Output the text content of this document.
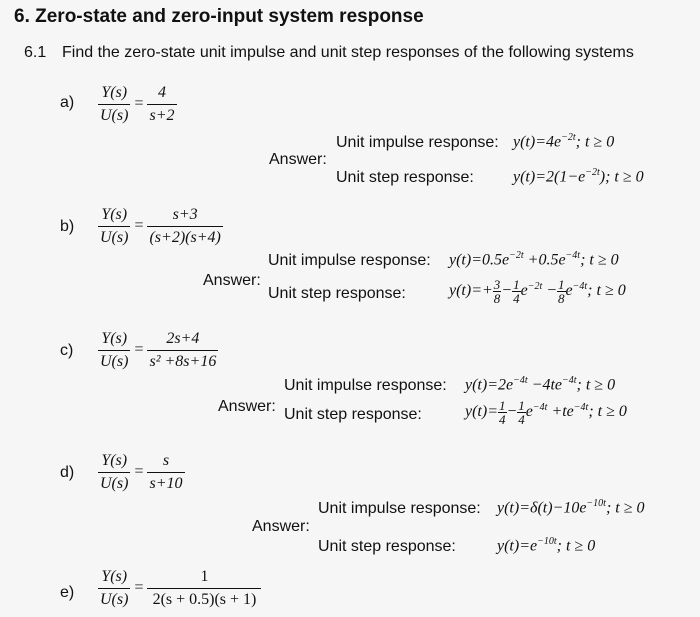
6. Zero-state and zero-input system response
6.1 Find the zero-state unit impulse and unit step responses of the following systems
$a) \frac{Y(s)}{U(s)} = \frac{4}{s+2}$
Answer:
Unit impulse response:
Unit step response:
$y(t)=4e^{-2t}$; t ≥ 0
$y(t)=2(1-e^{-2t})$; t ≥ 0
$b) \frac{Y(s)}{U(s)} = \frac{s+3}{(s+2)(s+4)}$
Answer:
Unit impulse response:
Unit step response:
$y(t)=0.5e^{-2t} +0.5e^{-4t}$; t ≥ 0
$y(t)=+ \frac{3}{8} - \frac{1}{4} e^{-2t} - \frac{1}{8} e^{-4t}$; t ≥ 0
$c) \frac{Y(s)}{U(s)} = \frac{2s+4}{\text{s² +8s+16}}$
Answer:
Unit impulse response:
Unit step response:
$y(t)=2e^{-4t} -4te^{-4t}$; t ≥ 0
$y(t)= \frac{1}{4} - \frac{1}{4} e^{-4t} +te^{-4t}$; t ≥ 0
$d) \frac{Y(s)}{U(s)} = \frac{s}{s+10}$
Answer:
Unit impulse response:
Unit step response:
$y(t)=\delta(t)-10e^{-10t}$; t ≥ 0
$y(t)=e^{-10t}$; t ≥ 0
$e) \frac{Y(s)}{U(s)} = \frac{1}{2(s + 0.5)(s + 1)}$
